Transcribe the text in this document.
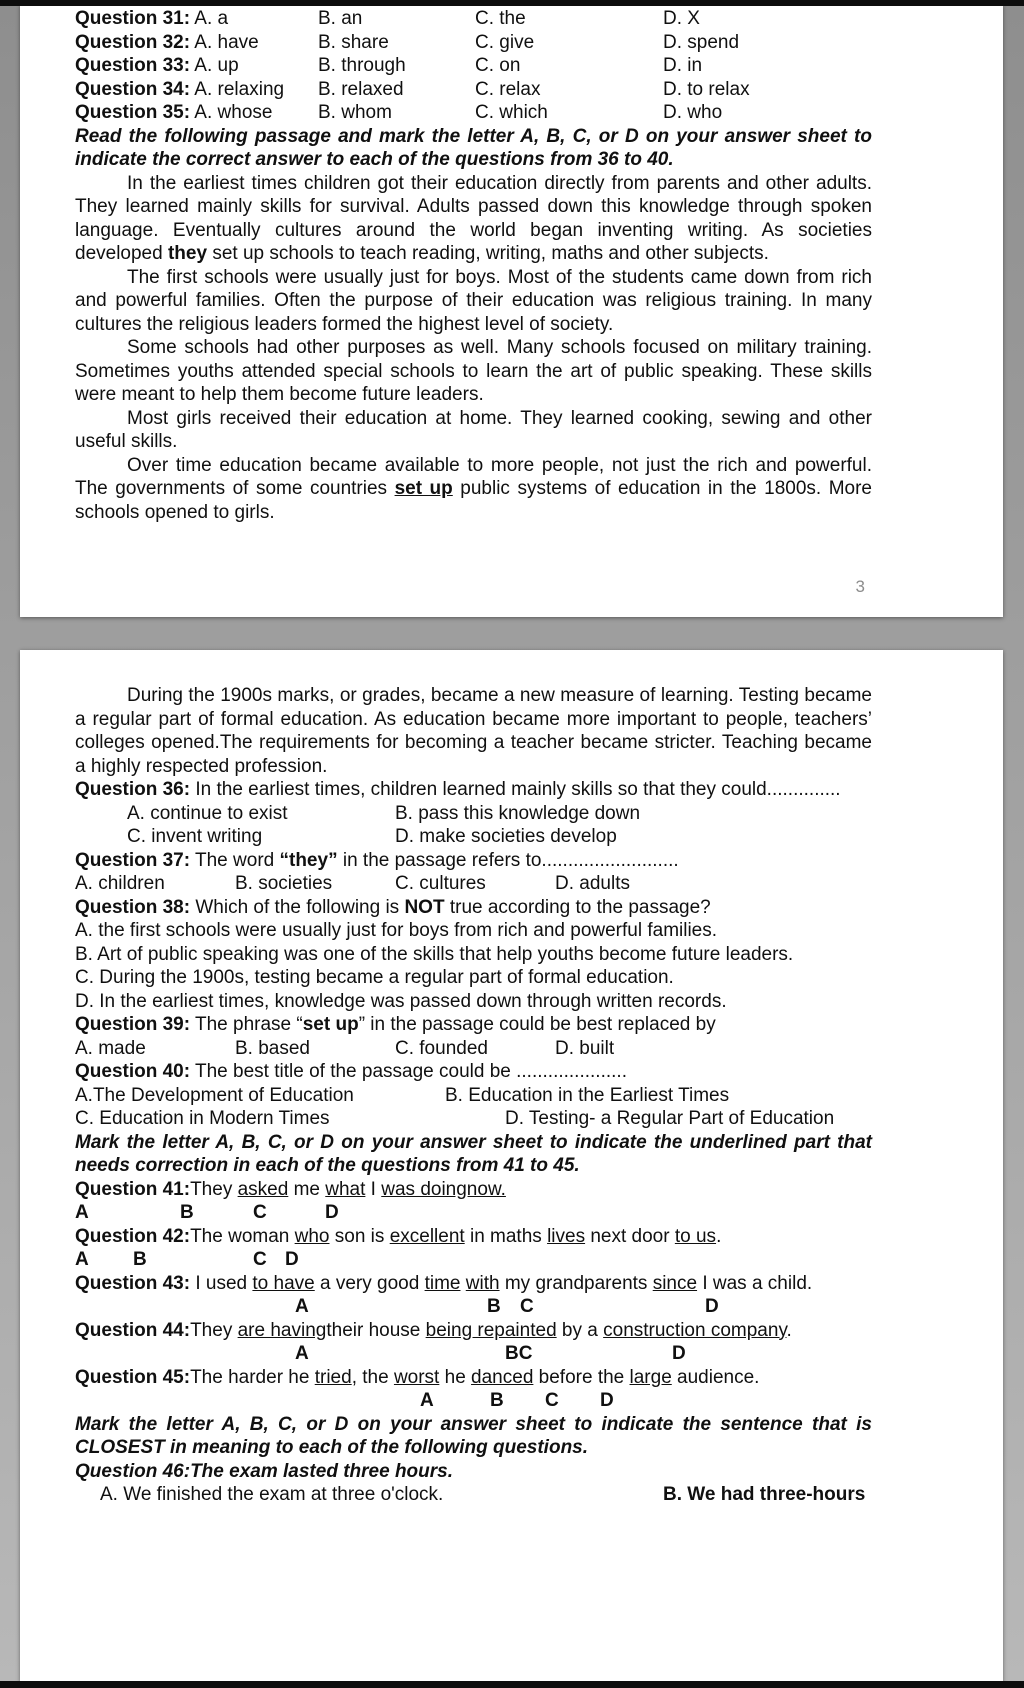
Question 31: A. a	B. an	C. the	D. X
Question 32: A. have	B. share	C. give	D. spend
Question 33: A. up	B. through	C. on	D. in
Question 34: A. relaxing B. relaxed	C. relax	D. to relax
Question 35: A. whose B. whom	C. which	D. who
Read the following passage and mark the letter A, B, C, or D on your answer sheet to indicate the correct answer to each of the questions from 36 to 40.
In the earliest times children got their education directly from parents and other adults. They learned mainly skills for survival. Adults passed down this knowledge through spoken language. Eventually cultures around the world began inventing writing. As societies developed they set up schools to teach reading, writing, maths and other subjects.
The first schools were usually just for boys. Most of the students came down from rich and powerful families. Often the purpose of their education was religious training. In many cultures the religious leaders formed the highest level of society.
Some schools had other purposes as well. Many schools focused on military training. Sometimes youths attended special schools to learn the art of public speaking. These skills were meant to help them become future leaders.
Most girls received their education at home. They learned cooking, sewing and other useful skills.
Over time education became available to more people, not just the rich and powerful. The governments of some countries set up public systems of education in the 1800s. More schools opened to girls.
3
During the 1900s marks, or grades, became a new measure of learning. Testing became a regular part of formal education. As education became more important to people, teachers’ colleges opened.The requirements for becoming a teacher became stricter. Teaching became a highly respected profession.
Question 36: In the earliest times, children learned mainly skills so that they could..............
A. continue to exist	B. pass this knowledge down
C. invent writing	D. make societies develop
Question 37: The word “they” in the passage refers to..........................
A. children	B. societies	C. cultures	D. adults
Question 38: Which of the following is NOT true according to the passage?
A. the first schools were usually just for boys from rich and powerful families.
B. Art of public speaking was one of the skills that help youths become future leaders.
C. During the 1900s, testing became a regular part of formal education.
D. In the earliest times, knowledge was passed down through written records.
Question 39: The phrase “set up” in the passage could be best replaced by
A. made	B. based	C. founded	D. built
Question 40: The best title of the passage could be .....................
A.The Development of Education	B. Education in the Earliest Times
C. Education in Modern Times	D. Testing- a Regular Part of Education
Mark the letter A, B, C, or D on your answer sheet to indicate the underlined part that needs correction in each of the questions from 41 to 45.
Question 41:They asked me what I was doingnow.
A	B	C	D
Question 42:The woman who son is excellent in maths lives next door to us.
A B	C D
Question 43: I used to have a very good time with my grandparents since I was a child.
A	B C	D
Question 44:They are havingtheir house being repainted by a construction company.
A	BC	D
Question 45:The harder he tried, the worst he danced before the large audience.
A	B C D
Mark the letter A, B, C, or D on your answer sheet to indicate the sentence that is CLOSEST in meaning to each of the following questions.
Question 46:The exam lasted three hours.
A. We finished the exam at three o'clock.	B. We had three-hours
